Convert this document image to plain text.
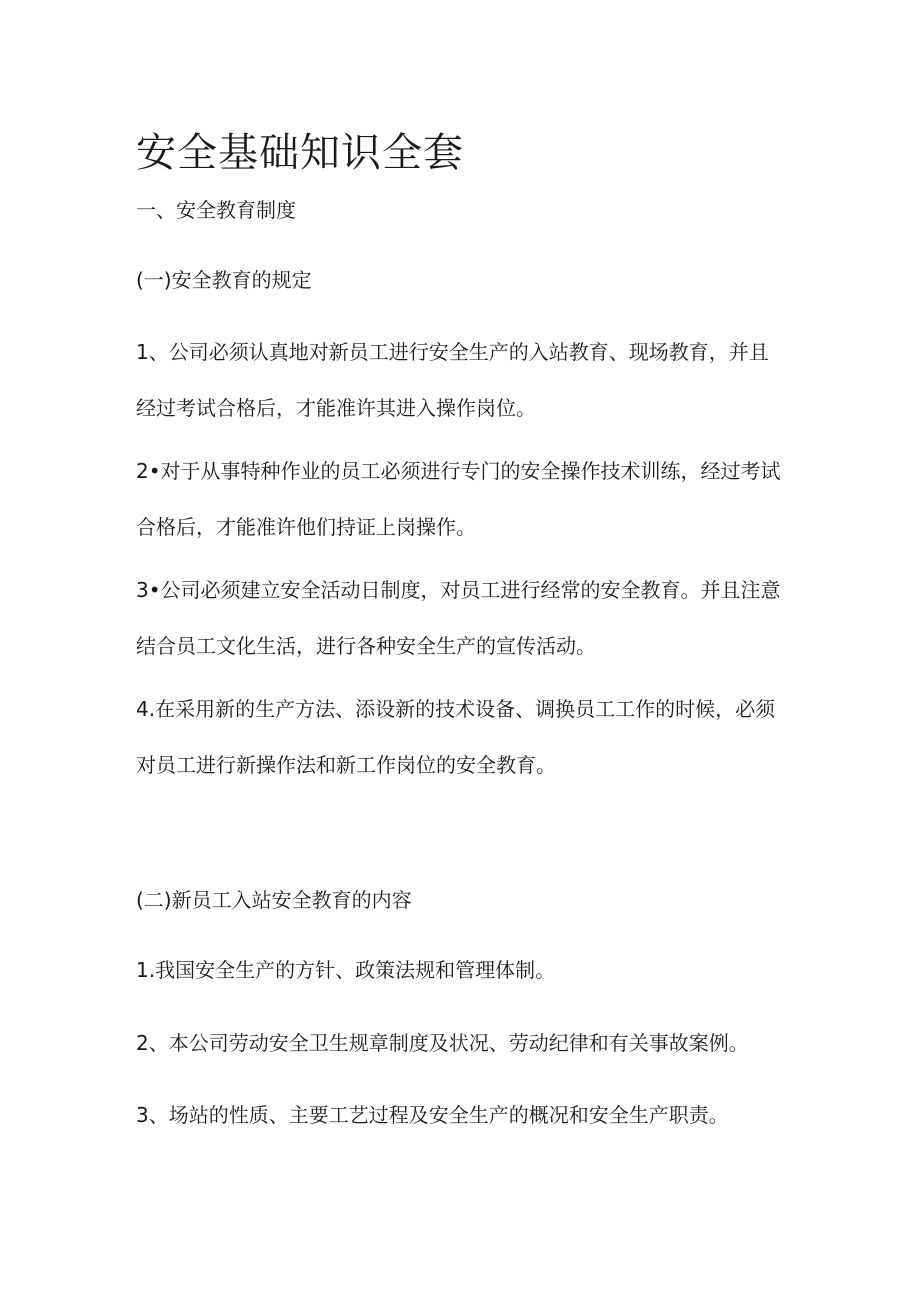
安全基础知识全套

一、安全教育制度

(一)安全教育的规定

1、公司必须认真地对新员工进行安全生产的入站教育、现场教育，并且经过考试合格后，才能准许其进入操作岗位。

2•对于从事特种作业的员工必须进行专门的安全操作技术训练，经过考试合格后，才能准许他们持证上岗操作。

3•公司必须建立安全活动日制度，对员工进行经常的安全教育。并且注意结合员工文化生活，进行各种安全生产的宣传活动。

4.在采用新的生产方法、添设新的技术设备、调换员工工作的时候，必须对员工进行新操作法和新工作岗位的安全教育。

(二)新员工入站安全教育的内容

1.我国安全生产的方针、政策法规和管理体制。

2、本公司劳动安全卫生规章制度及状况、劳动纪律和有关事故案例。

3、场站的性质、主要工艺过程及安全生产的概况和安全生产职责。
